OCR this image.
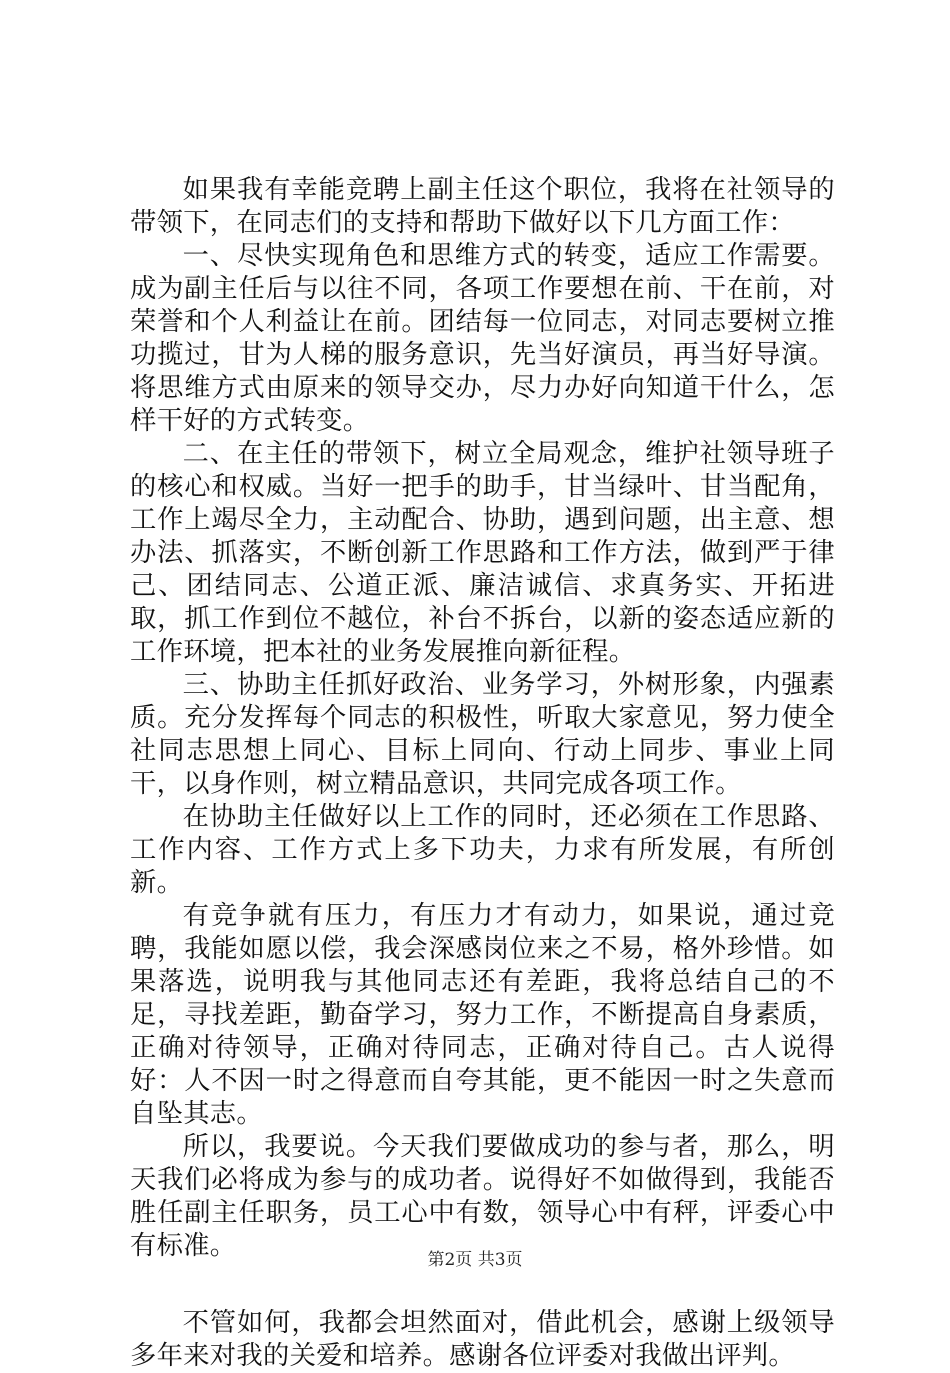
如果我有幸能竞聘上副主任这个职位，我将在社领导的带领下，在同志们的支持和帮助下做好以下几方面工作：

一、尽快实现角色和思维方式的转变，适应工作需要。成为副主任后与以往不同，各项工作要想在前、干在前，对荣誉和个人利益让在前。团结每一位同志，对同志要树立推功揽过，甘为人梯的服务意识，先当好演员，再当好导演。将思维方式由原来的领导交办，尽力办好向知道干什么，怎样干好的方式转变。

二、在主任的带领下，树立全局观念，维护社领导班子的核心和权威。当好一把手的助手，甘当绿叶、甘当配角，工作上竭尽全力，主动配合、协助，遇到问题，出主意、想办法、抓落实，不断创新工作思路和工作方法，做到严于律己、团结同志、公道正派、廉洁诚信、求真务实、开拓进取，抓工作到位不越位，补台不拆台，以新的姿态适应新的工作环境，把本社的业务发展推向新征程。

三、协助主任抓好政治、业务学习，外树形象，内强素质。充分发挥每个同志的积极性，听取大家意见，努力使全社同志思想上同心、目标上同向、行动上同步、事业上同干，以身作则，树立精品意识，共同完成各项工作。

在协助主任做好以上工作的同时，还必须在工作思路、工作内容、工作方式上多下功夫，力求有所发展，有所创新。

有竞争就有压力，有压力才有动力，如果说，通过竞聘，我能如愿以偿，我会深感岗位来之不易，格外珍惜。如果落选，说明我与其他同志还有差距，我将总结自己的不足，寻找差距，勤奋学习，努力工作，不断提高自身素质，正确对待领导，正确对待同志，正确对待自己。古人说得好：人不因一时之得意而自夸其能，更不能因一时之失意而自坠其志。

所以，我要说。今天我们要做成功的参与者，那么，明天我们必将成为参与的成功者。说得好不如做得到，我能否胜任副主任职务，员工心中有数，领导心中有秤，评委心中有标准。

不管如何，我都会坦然面对，借此机会，感谢上级领导多年来对我的关爱和培养。感谢各位评委对我做出评判。

第2页 共3页
